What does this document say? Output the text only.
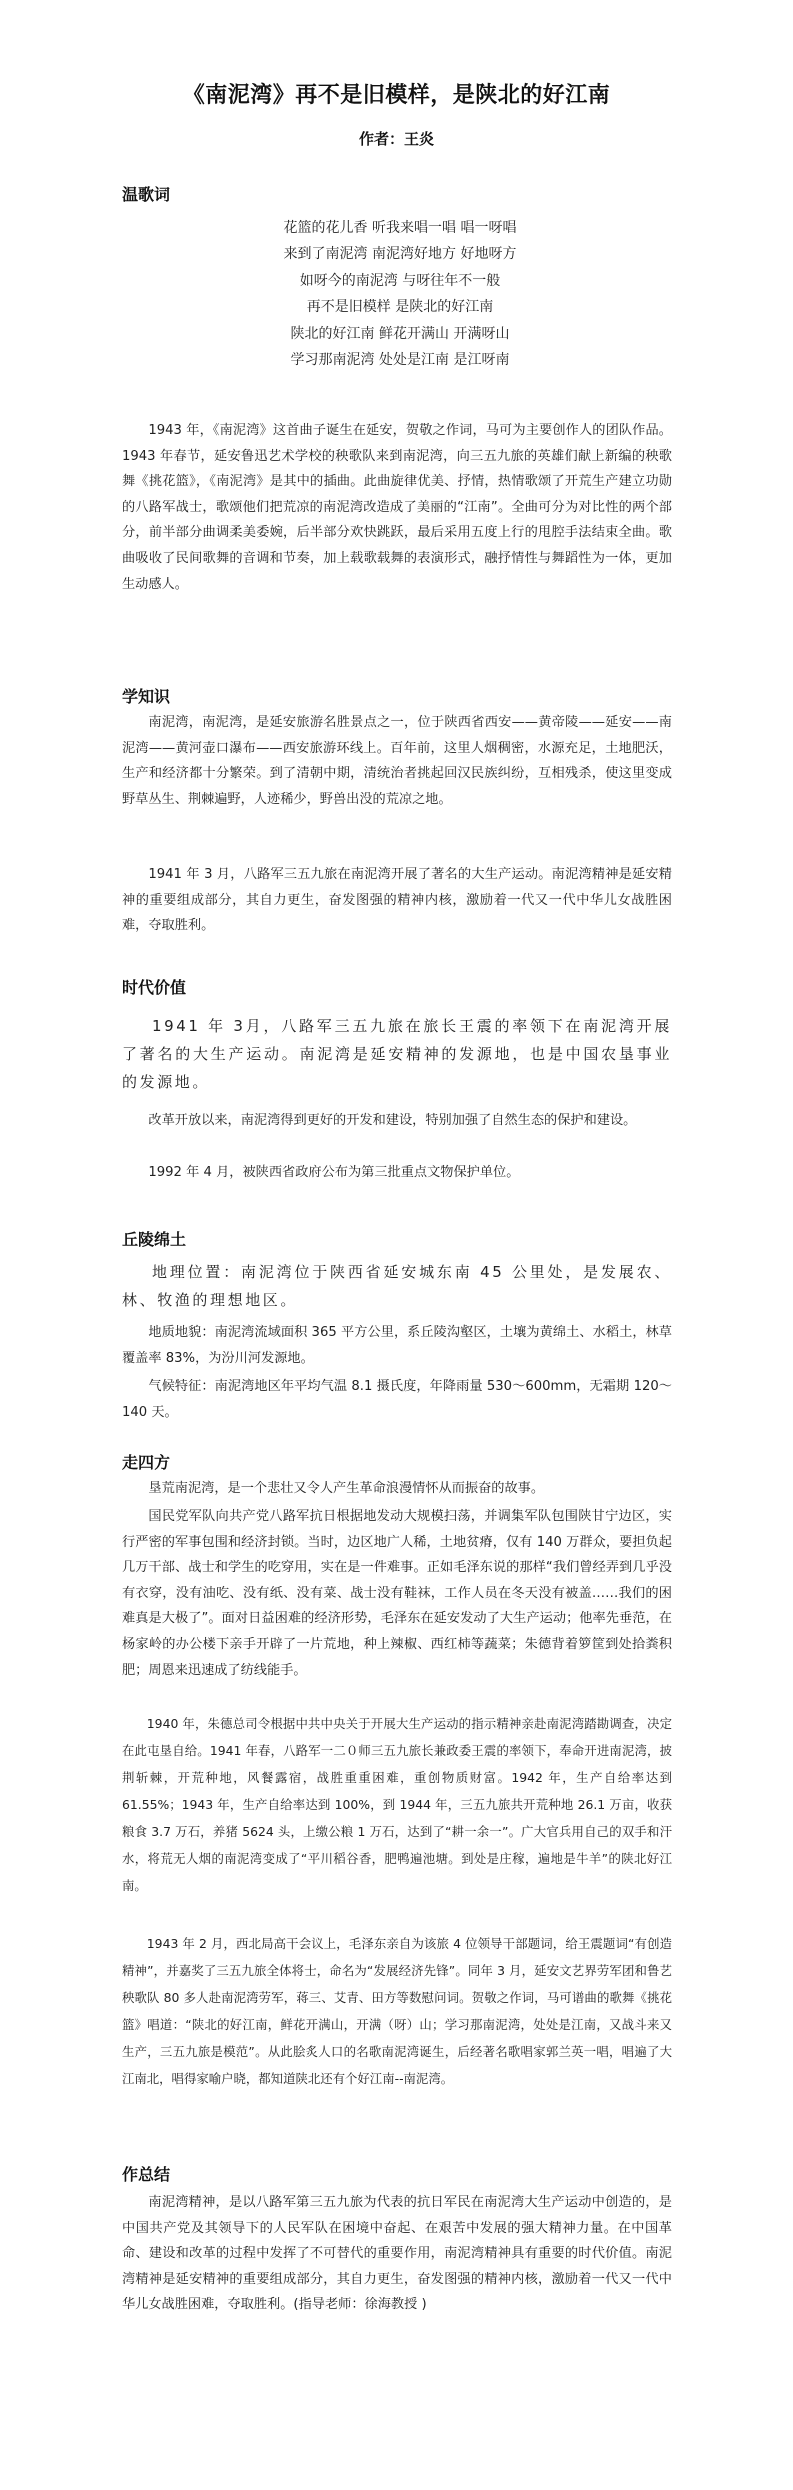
《南泥湾》再不是旧模样，是陕北的好江南
作者：王炎
温歌词
花篮的花儿香 听我来唱一唱 唱一呀唱
来到了南泥湾 南泥湾好地方 好地呀方
如呀今的南泥湾 与呀往年不一般
再不是旧模样 是陕北的好江南
陕北的好江南 鲜花开满山 开满呀山
学习那南泥湾 处处是江南 是江呀南
1943 年，《南泥湾》这首曲子诞生在延安，贺敬之作词，马可为主要创作人的团队作品。1943 年春节，延安鲁迅艺术学校的秧歌队来到南泥湾，向三五九旅的英雄们献上新编的秧歌舞《挑花篮》，《南泥湾》是其中的插曲。此曲旋律优美、抒情，热情歌颂了开荒生产建立功勋的八路军战士，歌颂他们把荒凉的南泥湾改造成了美丽的“江南”。全曲可分为对比性的两个部分，前半部分曲调柔美委婉，后半部分欢快跳跃，最后采用五度上行的甩腔手法结束全曲。歌曲吸收了民间歌舞的音调和节奏，加上载歌载舞的表演形式，融抒情性与舞蹈性为一体，更加生动感人。
学知识
南泥湾，南泥湾，是延安旅游名胜景点之一，位于陕西省西安——黄帝陵——延安——南泥湾——黄河壶口瀑布——西安旅游环线上。百年前，这里人烟稠密，水源充足，土地肥沃，生产和经济都十分繁荣。到了清朝中期，清统治者挑起回汉民族纠纷，互相残杀，使这里变成野草丛生、荆棘遍野，人迹稀少，野兽出没的荒凉之地。
1941 年 3 月，八路军三五九旅在南泥湾开展了著名的大生产运动。南泥湾精神是延安精神的重要组成部分，其自力更生，奋发图强的精神内核，激励着一代又一代中华儿女战胜困难，夺取胜利。
时代价值
1941 年 3月，八路军三五九旅在旅长王震的率领下在南泥湾开展了著名的大生产运动。南泥湾是延安精神的发源地，也是中国农垦事业的发源地。
改革开放以来，南泥湾得到更好的开发和建设，特别加强了自然生态的保护和建设。
1992 年 4 月，被陕西省政府公布为第三批重点文物保护单位。
丘陵绵土
地理位置：南泥湾位于陕西省延安城东南 45 公里处，是发展农、林、牧渔的理想地区。
地质地貌：南泥湾流域面积 365 平方公里，系丘陵沟壑区，土壤为黄绵土、水稻土，林草覆盖率 83%，为汾川河发源地。
气候特征：南泥湾地区年平均气温 8.1 摄氏度，年降雨量 530～600mm，无霜期 120～140 天。
走四方
垦荒南泥湾，是一个悲壮又令人产生革命浪漫情怀从而振奋的故事。
国民党军队向共产党八路军抗日根据地发动大规模扫荡，并调集军队包围陕甘宁边区，实行严密的军事包围和经济封锁。当时，边区地广人稀，土地贫瘠，仅有 140 万群众，要担负起几万干部、战士和学生的吃穿用，实在是一件难事。正如毛泽东说的那样“我们曾经弄到几乎没有衣穿，没有油吃、没有纸、没有菜、战士没有鞋袜，工作人员在冬天没有被盖……我们的困难真是大极了”。面对日益困难的经济形势，毛泽东在延安发动了大生产运动；他率先垂范，在杨家岭的办公楼下亲手开辟了一片荒地，种上辣椒、西红柿等蔬菜；朱德背着箩筐到处拾粪积肥；周恩来迅速成了纺线能手。
1940 年，朱德总司令根据中共中央关于开展大生产运动的指示精神亲赴南泥湾踏勘调查，决定在此屯垦自给。1941 年春，八路军一二０师三五九旅长兼政委王震的率领下，奉命开进南泥湾，披荆斩棘，开荒种地，风餐露宿，战胜重重困难，重创物质财富。1942 年，生产自给率达到 61.55%；1943 年，生产自给率达到 100%，到 1944 年，三五九旅共开荒种地 26.1 万亩，收获粮食 3.7 万石，养猪 5624 头，上缴公粮 1 万石，达到了“耕一余一”。广大官兵用自己的双手和汗水，将荒无人烟的南泥湾变成了“平川稻谷香，肥鸭遍池塘。到处是庄稼，遍地是牛羊”的陕北好江南。
1943 年 2 月，西北局高干会议上，毛泽东亲自为该旅 4 位领导干部题词，给王震题词“有创造精神”，并嘉奖了三五九旅全体将士，命名为“发展经济先锋”。同年 3 月，延安文艺界劳军团和鲁艺秧歌队 80 多人赴南泥湾劳军，蒋三、艾青、田方等数慰问词。贺敬之作词，马可谱曲的歌舞《挑花篮》唱道：“陕北的好江南，鲜花开满山，开满（呀）山；学习那南泥湾，处处是江南，又战斗来又生产，三五九旅是模范”。从此脍炙人口的名歌南泥湾诞生，后经著名歌唱家郭兰英一唱，唱遍了大江南北，唱得家喻户晓，都知道陕北还有个好江南--南泥湾。
作总结
南泥湾精神，是以八路军第三五九旅为代表的抗日军民在南泥湾大生产运动中创造的，是中国共产党及其领导下的人民军队在困境中奋起、在艰苦中发展的强大精神力量。在中国革命、建设和改革的过程中发挥了不可替代的重要作用，南泥湾精神具有重要的时代价值。南泥湾精神是延安精神的重要组成部分，其自力更生，奋发图强的精神内核，激励着一代又一代中华儿女战胜困难，夺取胜利。(指导老师：徐海教授 )
